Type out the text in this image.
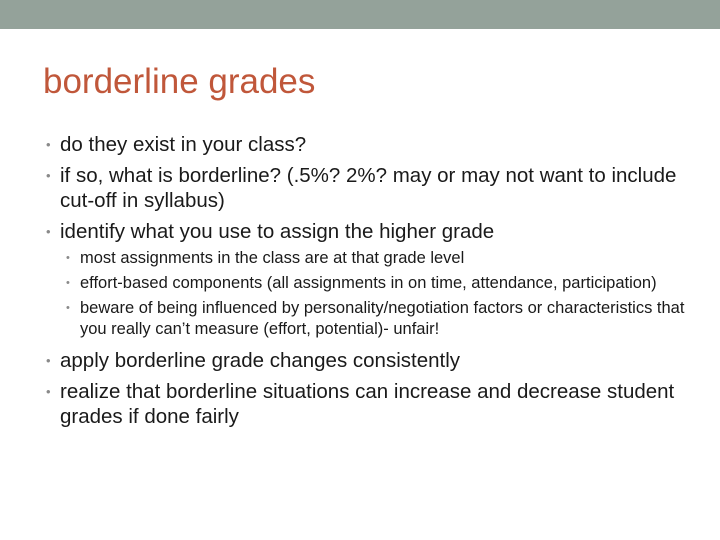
borderline grades
• do they exist in your class?
• if so, what is borderline? (.5%? 2%? may or may not want to include cut-off in syllabus)
• identify what you use to assign the higher grade
• most assignments in the class are at that grade level
• effort-based components (all assignments in on time, attendance, participation)
• beware of being influenced by personality/negotiation factors or characteristics that you really can’t measure (effort, potential)- unfair!
• apply borderline grade changes consistently
• realize that borderline situations can increase and decrease student grades if done fairly
